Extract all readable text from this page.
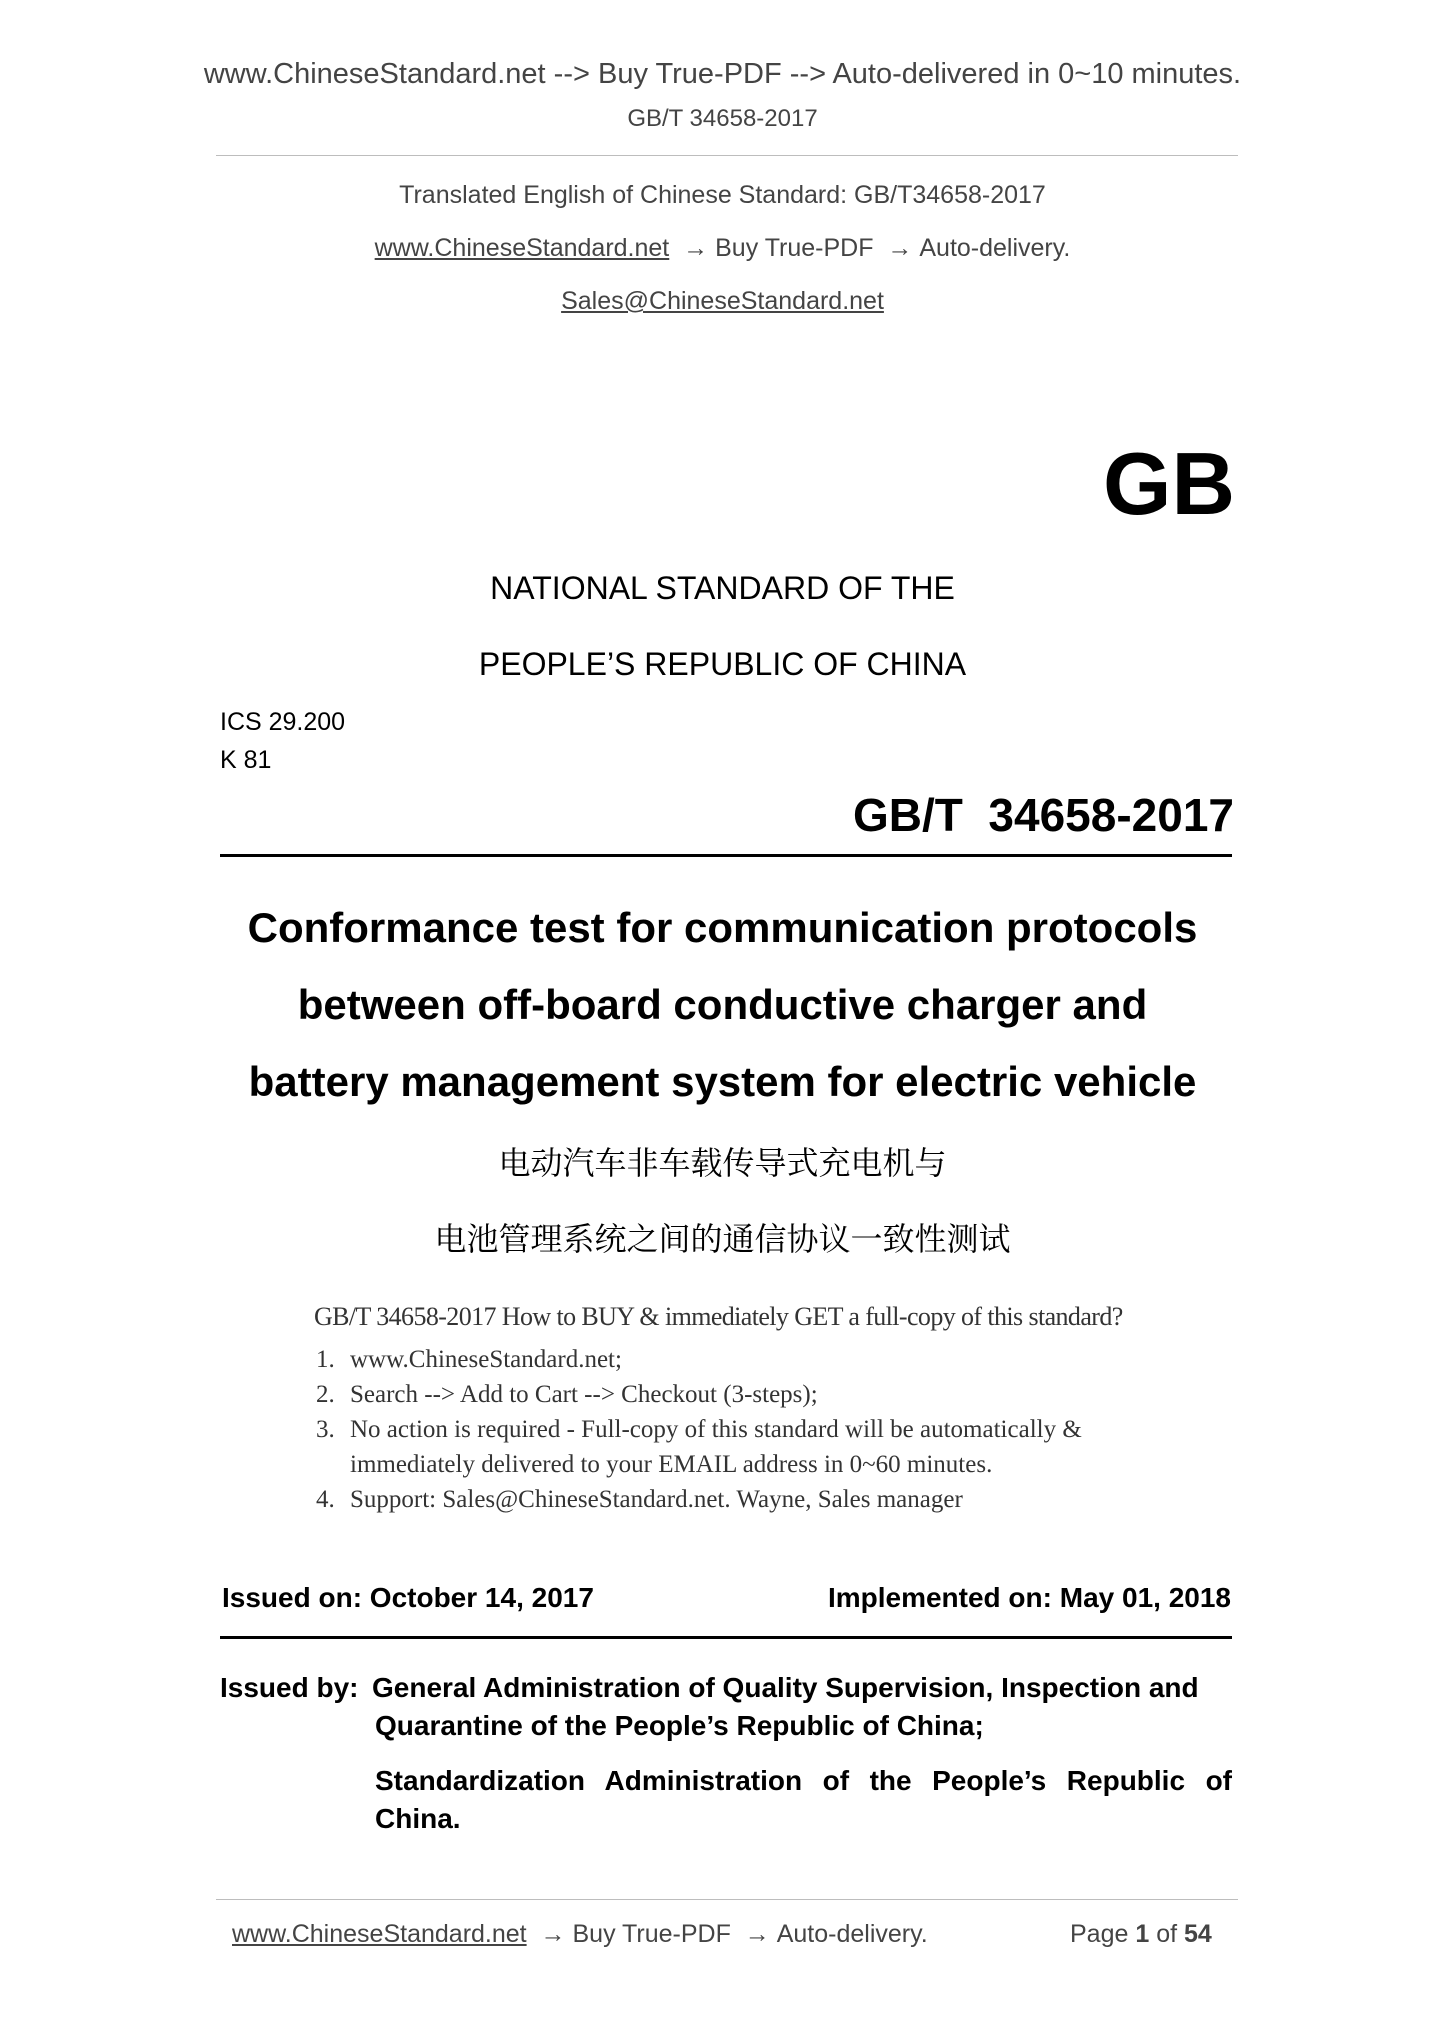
www.ChineseStandard.net --> Buy True-PDF --> Auto-delivered in 0~10 minutes.
GB/T 34658-2017
Translated English of Chinese Standard: GB/T34658-2017
www.ChineseStandard.net  → Buy True-PDF  → Auto-delivery.
Sales@ChineseStandard.net
GB
NATIONAL STANDARD OF THE
PEOPLE’S REPUBLIC OF CHINA
ICS 29.200
K 81
GB/T  34658-2017
Conformance test for communication protocols
between off-board conductive charger and
battery management system for electric vehicle
电动汽车非车载传导式充电机与
电池管理系统之间的通信协议一致性测试
GB/T 34658-2017 How to BUY & immediately GET a full-copy of this standard?
1. www.ChineseStandard.net;
2. Search --> Add to Cart --> Checkout (3-steps);
3. No action is required - Full-copy of this standard will be automatically &
immediately delivered to your EMAIL address in 0~60 minutes.
4. Support: Sales@ChineseStandard.net. Wayne, Sales manager
Issued on: October 14, 2017	Implemented on: May 01, 2018
Issued by: General Administration of Quality Supervision, Inspection and
Quarantine of the People’s Republic of China;
Standardization Administration of the People’s Republic of
China.
www.ChineseStandard.net  → Buy True-PDF  → Auto-delivery.	Page 1 of 54
